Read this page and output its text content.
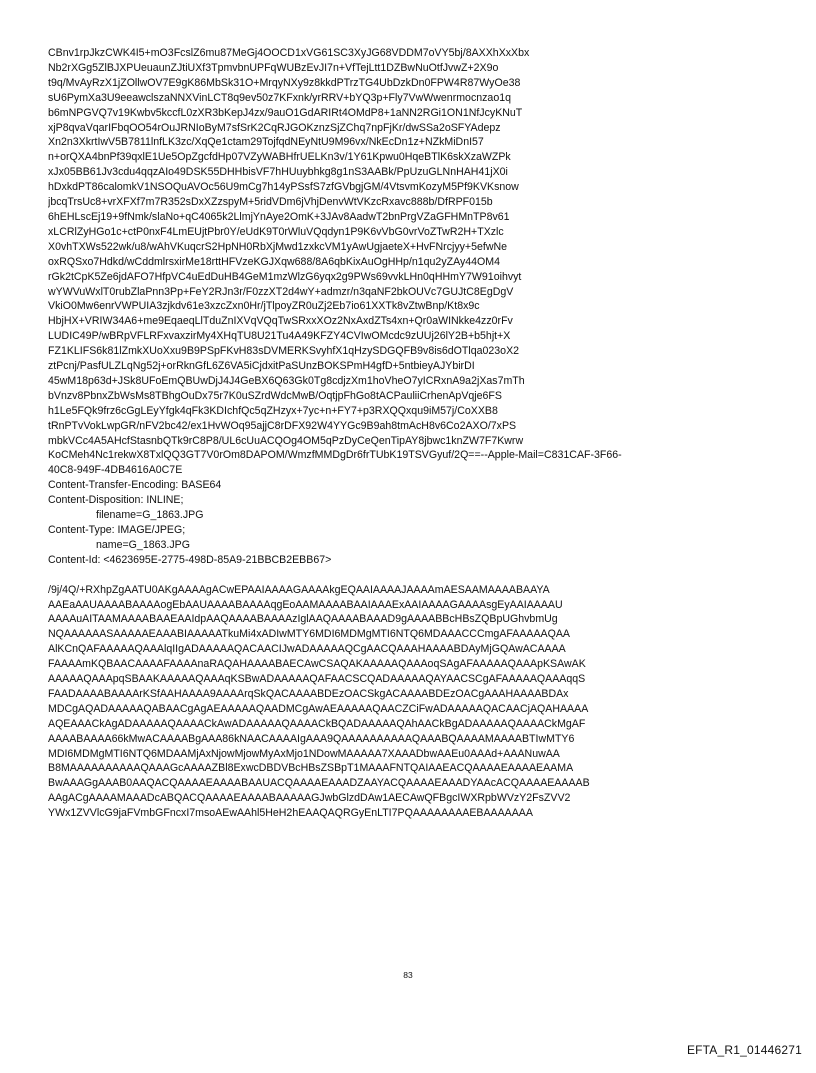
CBnv1rpJkzCWK4I5+mO3FcslZ6mu87MeGj4OOCD1xVG61SC3XyJG68VDDM7oVY5bj/8AXXhXxXbx
Nb2rXGg5ZlBJXPUeuaunZJtiUXf3TpmvbnUPFqWUBzEvJI7n+VfTejLtt1DZBwNuOtfJvwZ+2X9o
t9q/MvAyRzX1jZOllwOV7E9gK86MbSk31O+MrqyNXy9z8kkdPTrzTG4UbDzkDn0FPW4R87WyOe38
sU6PymXa3U9eeawclszaNNXVinLCT8q9ev50z7KFxnk/yrRRV+bYQ3p+Fly7VwWwenrmocnzao1q
b6mNPGVQ7v19Kwbv5kccfL0zXR3bKepJ4zx/9auO1GdARIRt4OMdP8+1aNN2RGi1ON1NfJcyKNuT
xjP8qvaVqarIFbqOO54rOuJRNIoByM7sfSrK2CqRJGOKznzSjZChq7npFjKr/dwSSa2oSFYAdepz
Xn2n3XkrtIwV5B7811lnfLK3zc/XqQe1ctam29TojfqdNEyNtU9M96vx/NkEcDn1z+NZkMiDnI57
n+orQXA4bnPf39qxlE1Ue5OpZgcfdHp07VZyWABHfrUELKn3v/1Y61Kpwu0HqeBTlK6skXzaWZPk
xJx05BB61Jv3cdu4qqzAIo49DSK55DHHbisVF7hHUuybhkg8g1nS3AABk/PpUzuGLNnHAH41jX0i
hDxkdPT86calomkV1NSOQuAVOc56U9mCg7h14yPSsfS7zfGVbgjGM/4VtsvmKozyM5Pf9KVKsnow
jbcqTrsUc8+vrXFXf7m7R352sDxXZzspyM+5ridVDm6jVhjDenvWtVKzcRxavc888b/DfRPF015b
6hEHLscEj19+9fNmk/slaNo+qC4065k2LlmjYnAye2OmK+3JAv8AadwT2bnPrgVZaGFHMnTP8v61
xLCRlZyHGo1c+ctP0nxF4LmEUjtPbr0Y/eUdK9T0rWluVQqdyn1P9K6vVbG0vrVoZTwR2H+TXzlc
X0vhTXWs522wk/u8/wAhVKuqcrS2HpNH0RbXjMwd1zxkcVM1yAwUgjaeteX+HvFNrcjyy+5efwNe
oxRQSxo7Hdkd/wCddmlrsxirMe18rttHFVzeKGJXqw688/8A6qbKixAuOgHHp/n1qu2yZAy44OM4
rGk2tCpK5Ze6jdAFO7HfpVC4uEdDuHB4GeM1mzWlzG6yqx2g9PWs69vvkLHn0qHHmY7W91oihvyt
wYWVuWxlT0rubZlaPnn3Pp+FeY2RJn3r/F0zzXT2d4wY+admzr/n3qaNF2bkOUVc7GUJtC8EgDgV
VkiO0Mw6enrVWPUIA3zjkdv61e3xzcZxn0Hr/jTlpoyZR0uZj2Eb7io61XXTk8vZtwBnp/Kt8x9c
HbjHX+VRIW34A6+me9EqaeqLlTduZnIXVqVQqTwSRxxXOz2NxAxdZTs4xn+Qr0aWINkke4zz0rFv
LUDIC49P/wBRpVFLRFxvaxzirMy4XHqTU8U21Tu4A49KFZY4CVIwOMcdc9zUUj26lY2B+b5hjt+X
FZ1KLIFS6k81lZmkXUoXxu9B9PSpFKvH83sDVMERKSvyhfX1qHzySDGQFB9v8is6dOTlqa023oX2
ztPcnj/PasfULZLqNg52j+orRknGfL6Z6VA5iCjdxitPaSUnzBOKSPmH4gfD+5ntbieyAJYbirDI
45wM18p63d+JSk8UFoEmQBUwDjJ4J4GeBX6Q63Gk0Tg8cdjzXm1hoVheO7yICRxnA9a2jXas7mTh
bVnzv8PbnxZbWsMs8TBhgOuDx75r7K0uSZrdWdcMwB/OqtjpFhGo8tACPauliiCrhenApVqje6FS
h1Le5FQk9frz6cGgLEyYfgk4qFk3KDIchfQc5qZHzyx+7yc+n+FY7+p3RXQQxqu9iM57j/CoXXB8
tRnPTvVokLwpGR/nFV2bc42/ex1HvWOq95ajjC8rDFX92W4YYGc9B9ah8tmAcH8v6Co2AXO/7xPS
mbkVCc4A5AHcfStasnbQTk9rC8P8/UL6cUuACQOg4OM5qPzDyCeQenTipAY8jbwc1knZW7F7Kwrw
KoCMeh4Nc1rekwX8TxlQQ3GT7V0rOm8DAPOM/WmzfMMDgDr6frTUbK19TSVGyuf/2Q==--Apple-Mail=C831CAF-3F66-
40C8-949F-4DB4616A0C7E
Content-Transfer-Encoding: BASE64
Content-Disposition: INLINE;
filename=G_1863.JPG
Content-Type: IMAGE/JPEG;
name=G_1863.JPG
Content-Id: <4623695E-2775-498D-85A9-21BBCB2EBB67>
/9j/4Q/+RXhpZgAATU0AKgAAAAgACwEPAAIAAAAGAAAAkgEQAAIAAAAJAAAAmAESAAMAAAABAAYA
AAEaAAUAAAABAAAAogEbAAUAAAABAAAAqgEoAAMAAAABAAIAAAExAAIAAAAGAAAAsgEyAAIAAAAU
AAAAuAITAAMAAAABAAEAAIdpAAQAAAABAAAAzIglAAQAAAABAAAD9gAAAABBcHBsZQBpUGhvbmUg
NQAAAAAASAAAAAEAAABIAAAAATkuMi4xADIwMTY6MDI6MDMgMTI6NTQ6MDAAACCCmgAFAAAAAQAA
AlKCnQAFAAAAAQAAAlqIIgADAAAAAQACAACIJwADAAAAAQCgAACQAAAHAAAABDAyMjGQAwACAAAA
FAAAAmKQBAACAAAAFAAAAnaRAQAHAAAABAECAwCSAQAKAAAAAQAAAoqSAgAFAAAAAQAAApKSAwAK
AAAAAQAAApqSBAAKAAAAAQAAAqKSBwADAAAAAQAFAACSCQADAAAAAQAYAACSCgAFAAAAAQAAAqqS
FAADAAAABAAAArKSfAAHAAAA9AAAArqSkQACAAAABDEzOACSkgACAAAABDEzOACgAAAHAAAABDAx
MDCgAQADAAAAAQABAACgAgAEAAAAAQAADMCgAwAEAAAAAQAACZCiFwADAAAAAQACAACjAQAHAAAA
AQEAAACkAgADAAAAAQAAAACkAwADAAAAAQAAAACkBQADAAAAAQAhAACkBgADAAAAAQAAAACkMgAF
AAAABAAAA66kMwACAAAABgAAA86kNAACAAAAIgAAA9QAAAAAAAAAAQAAABQAAAAMAAAABTIwMTY6
MDI6MDMgMTI6NTQ6MDAAMjAxNjowMjowMyAxMjo1NDowMAAAAA7XAAADbwAAEu0AAAd+AAANuwAA
B8MAAAAAAAAAAQAAAGcAAAAZBl8ExwcDBDVBcHBsZSBpT1MAAAFNTQAIAAEACQAAAAEAAAAEAAMA
BwAAAGgAAAB0AAQACQAAAAEAAAABAAUACQAAAAEAAADZAAYACQAAAAEAAADYAAcACQAAAAEAAAAB
AAgACgAAAAMAAADcABQACQAAAAEAAAABAAAAAGJwbGlzdDAw1AECAwQFBgcIWXRpbWVzY2FsZVV2
YWx1ZVVlcG9jaFVmbGFncxI7msoAEwAAhl5HeH2hEAAQAQRGyEnLTI7PQAAAAAAAAEBAAAAAAA
83
EFTA_R1_01446271
